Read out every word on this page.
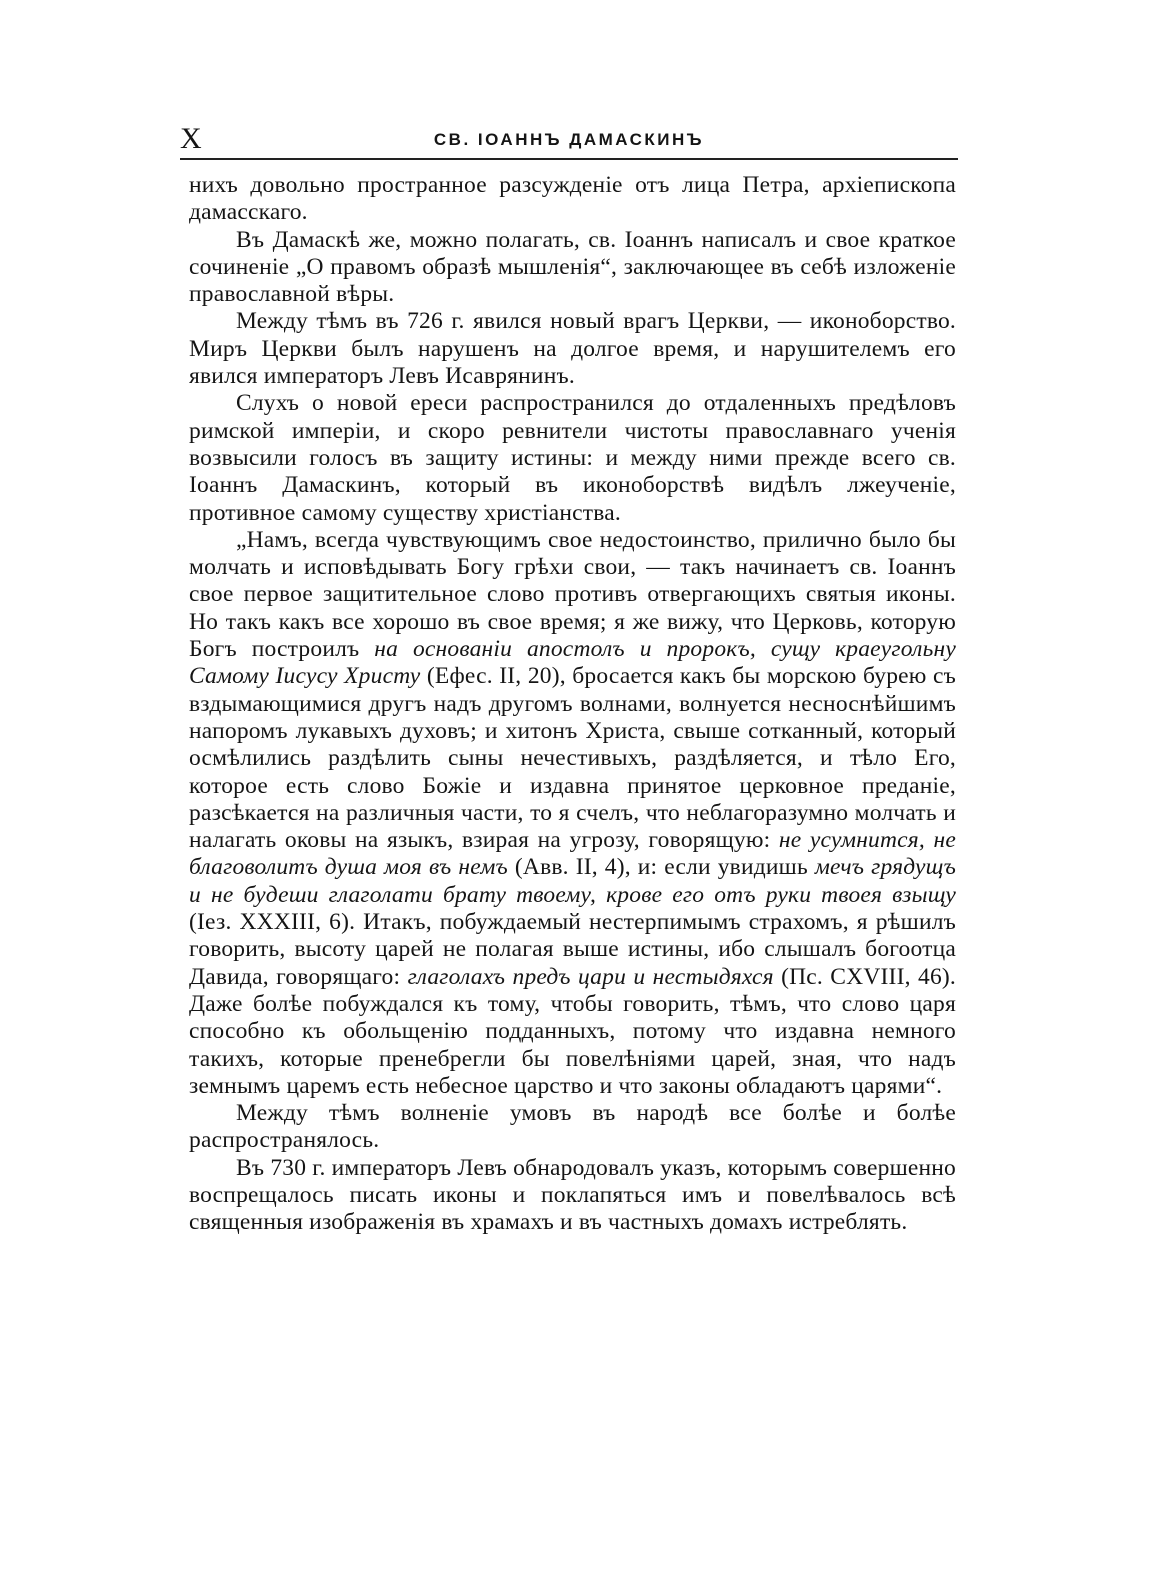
X	СВ. ІОАННЪ ДАМАСКИНЪ

нихъ довольно пространное разсужденіе отъ лица Петра, архіепископа дамасскаго.

Въ Дамаскѣ же, можно полагать, св. Іоаннъ написалъ и свое краткое сочиненіе „О правомъ образѣ мышленія“, заключающее въ себѣ изложеніе православной вѣры.

Между тѣмъ въ 726 г. явился новый врагъ Церкви, — иконоборство. Миръ Церкви былъ нарушенъ на долгое время, и нарушителемъ его явился императоръ Левъ Исаврянинъ.

Слухъ о новой ереси распространился до отдаленныхъ предѣловъ римской имперіи, и скоро ревнители чистоты православнаго ученія возвысили голосъ въ защиту истины: и между ними прежде всего св. Іоаннъ Дамаскинъ, который въ иконоборствѣ видѣлъ лжеученіе, противное самому существу христіанства.

„Намъ, всегда чувствующимъ свое недостоинство, прилично было бы молчать и исповѣдывать Богу грѣхи свои, — такъ начинаетъ св. Іоаннъ свое первое защитительное слово противъ отвергающихъ святыя иконы. Но такъ какъ все хорошо въ свое время; я же вижу, что Церковь, которую Богъ построилъ на основаніи апостолъ и пророкъ, сущу краеугольну Самому Іисусу Христу (Ефес. II, 20), бросается какъ бы морскою бурею съ вздымающимися другъ надъ другомъ волнами, волнуется несноснѣйшимъ напоромъ лукавыхъ духовъ; и хитонъ Христа, свыше сотканный, который осмѣлились раздѣлить сыны нечестивыхъ, раздѣляется, и тѣло Его, которое есть слово Божіе и издавна принятое церковное преданіе, разсѣкается на различныя части, то я счелъ, что неблагоразумно молчать и налагать оковы на языкъ, взирая на угрозу, говорящую: не усумнится, не благоволитъ душа моя въ немъ (Авв. II, 4), и: если увидишь мечъ грядущъ и не будеши глаголати брату твоему, крове его отъ руки твоея взыщу (Iез. XXXIII, 6). Итакъ, побуждаемый нестерпимымъ страхомъ, я рѣшилъ говорить, высоту царей не полагая выше истины, ибо слышалъ богоотца Давида, говорящаго: глаголахъ предъ цари и нестыдяхся (Пс. CXVIII, 46). Даже болѣе побуждался къ тому, чтобы говорить, тѣмъ, что слово царя способно къ обольщенію подданныхъ, потому что издавна немного такихъ, которые пренебрегли бы повелѣніями царей, зная, что надъ земнымъ царемъ есть небесное царство и что законы обладаютъ царями“.

Между тѣмъ волненіе умовъ въ народѣ все болѣе и болѣе распространялось.

Въ 730 г. императоръ Левъ обнародовалъ указъ, которымъ совершенно воспрещалось писать иконы и поклапяться имъ и повелѣвалось всѣ священныя изображенія въ храмахъ и въ частныхъ домахъ истреблять.
